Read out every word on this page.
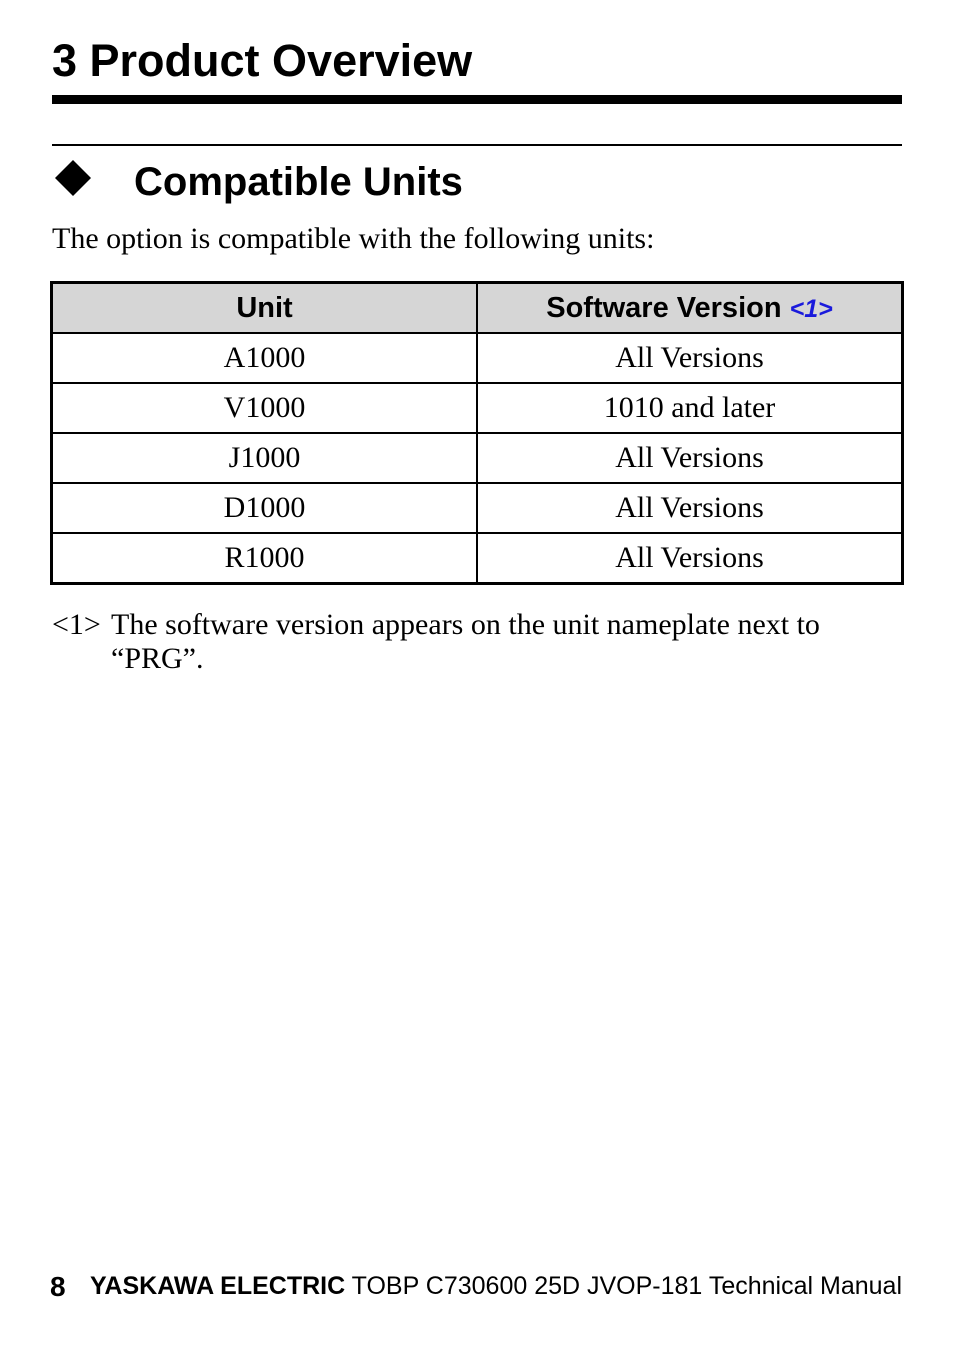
3 Product Overview
Compatible Units

The option is compatible with the following units:

Unit	Software Version <1>
A1000	All Versions
V1000	1010 and later
J1000	All Versions
D1000	All Versions
R1000	All Versions
<1> The software version appears on the unit nameplate next to “PRG”.
8 YASKAWA ELECTRIC TOBP C730600 25D JVOP-181 Technical Manual
